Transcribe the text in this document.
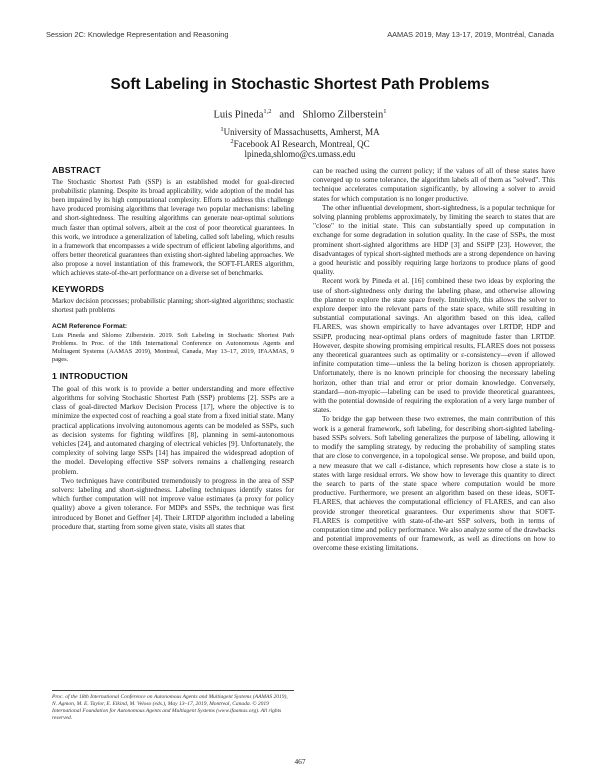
Session 2C: Knowledge Representation and Reasoning	AAMAS 2019, May 13-17, 2019, Montréal, Canada
Soft Labeling in Stochastic Shortest Path Problems
Luis Pineda$^{1,2}$ and Shlomo Zilberstein$^1$
$^1$University of Massachusetts, Amherst, MA
$^2$Facebook AI Research, Montreal, QC
lpineda,shlomo@cs.umass.edu
ABSTRACT
The Stochastic Shortest Path (SSP) is an established model for goal-directed probabilistic planning. Despite its broad applicability, wide adoption of the model has been impaired by its high computational complexity. Efforts to address this challenge have produced promising algorithms that leverage two popular mechanisms: labeling and short-sightedness. The resulting algorithms can generate near-optimal solutions much faster than optimal solvers, albeit at the cost of poor theoretical guarantees. In this work, we introduce a generalization of labeling, called soft labeling, which results in a framework that encompasses a wide spectrum of efficient labeling algorithms, and offers better theoretical guarantees than existing short-sighted labeling approaches. We also propose a novel instantiation of this framework, the SOFT-FLARES algorithm, which achieves state-of-the-art performance on a diverse set of benchmarks.
KEYWORDS
Markov decision processes; probabilistic planning; short-sighted algorithms; stochastic shortest path problems
ACM Reference Format:
Luis Pineda and Shlomo Zilberstein. 2019. Soft Labeling in Stochastic Shortest Path Problems. In Proc. of the 18th International Conference on Autonomous Agents and Multiagent Systems (AAMAS 2019), Montreal, Canada, May 13–17, 2019, IFAAMAS, 9 pages.
1 INTRODUCTION
The goal of this work is to provide a better understanding and more effective algorithms for solving Stochastic Shortest Path (SSP) problems [2]. SSPs are a class of goal-directed Markov Decision Process [17], where the objective is to minimize the expected cost of reaching a goal state from a fixed initial state. Many practical applications involving autonomous agents can be modeled as SSPs, such as decision systems for fighting wildfires [8], planning in semi-autonomous vehicles [24], and automated charging of electrical vehicles [9]. Unfortunately, the complexity of solving large SSPs [14] has impaired the widespread adoption of the model. Developing effective SSP solvers remains a challenging research problem.
Two techniques have contributed tremendously to progress in the area of SSP solvers: labeling and short-sightedness. Labeling techniques identify states for which further computation will not improve value estimates (a proxy for policy quality) above a given tolerance. For MDPs and SSPs, the technique was first introduced by Bonet and Geffner [4]. Their LRTDP algorithm included a labeling procedure that, starting from some given state, visits all states that
can be reached using the current policy; if the values of all of these states have converged up to some tolerance, the algorithm labels all of them as "solved". This technique accelerates computation significantly, by allowing a solver to avoid states for which computation is no longer productive.
The other influential development, short-sightedness, is a popular technique for solving planning problems approximately, by limiting the search to states that are "close" to the initial state. This can substantially speed up computation in exchange for some degradation in solution quality. In the case of SSPs, the most prominent short-sighted algorithms are HDP [3] and SSiPP [23]. However, the disadvantages of typical short-sighted methods are a strong dependence on having a good heuristic and possibly requiring large horizons to produce plans of good quality.
Recent work by Pineda et al. [16] combined these two ideas by exploring the use of short-sightedness only during the labeling phase, and otherwise allowing the planner to explore the state space freely. Intuitively, this allows the solver to explore deeper into the relevant parts of the state space, while still resulting in substantial computational savings. An algorithm based on this idea, called FLARES, was shown empirically to have advantages over LRTDP, HDP and SSiPP, producing near-optimal plans orders of magnitude faster than LRTDP. However, despite showing promising empirical results, FLARES does not possess any theoretical guarantees such as optimality or ε-consistency—even if allowed infinite computation time—unless the la beling horizon is chosen appropriately. Unfortunately, there is no known principle for choosing the necessary labeling horizon, other than trial and error or prior domain knowledge. Conversely, standard—non-myopic—labeling can be used to provide theoretical guarantees, with the potential downside of requiring the exploration of a very large number of states.
To bridge the gap between these two extremes, the main contribution of this work is a general framework, soft labeling, for describing short-sighted labeling-based SSPs solvers. Soft labeling generalizes the purpose of labeling, allowing it to modify the sampling strategy, by reducing the probability of sampling states that are close to convergence, in a topological sense. We propose, and build upon, a new measure that we call ε-distance, which represents how close a state is to states with large residual errors. We show how to leverage this quantity to direct the search to parts of the state space where computation would be more productive. Furthermore, we present an algorithm based on these ideas, SOFT-FLARES, that achieves the computational efficiency of FLARES, and can also provide stronger theoretical guarantees. Our experiments show that SOFT-FLARES is competitive with state-of-the-art SSP solvers, both in terms of computation time and policy performance. We also analyze some of the drawbacks and potential improvements of our framework, as well as directions on how to overcome these existing limitations.
Proc. of the 18th International Conference on Autonomous Agents and Multiagent Systems (AAMAS 2019), N. Agmon, M. E. Taylor, E. Elkind, M. Veloso (eds.), May 13–17, 2019, Montreal, Canada. © 2019 International Foundation for Autonomous Agents and Multiagent Systems (www.ifaamas.org). All rights reserved.
467
